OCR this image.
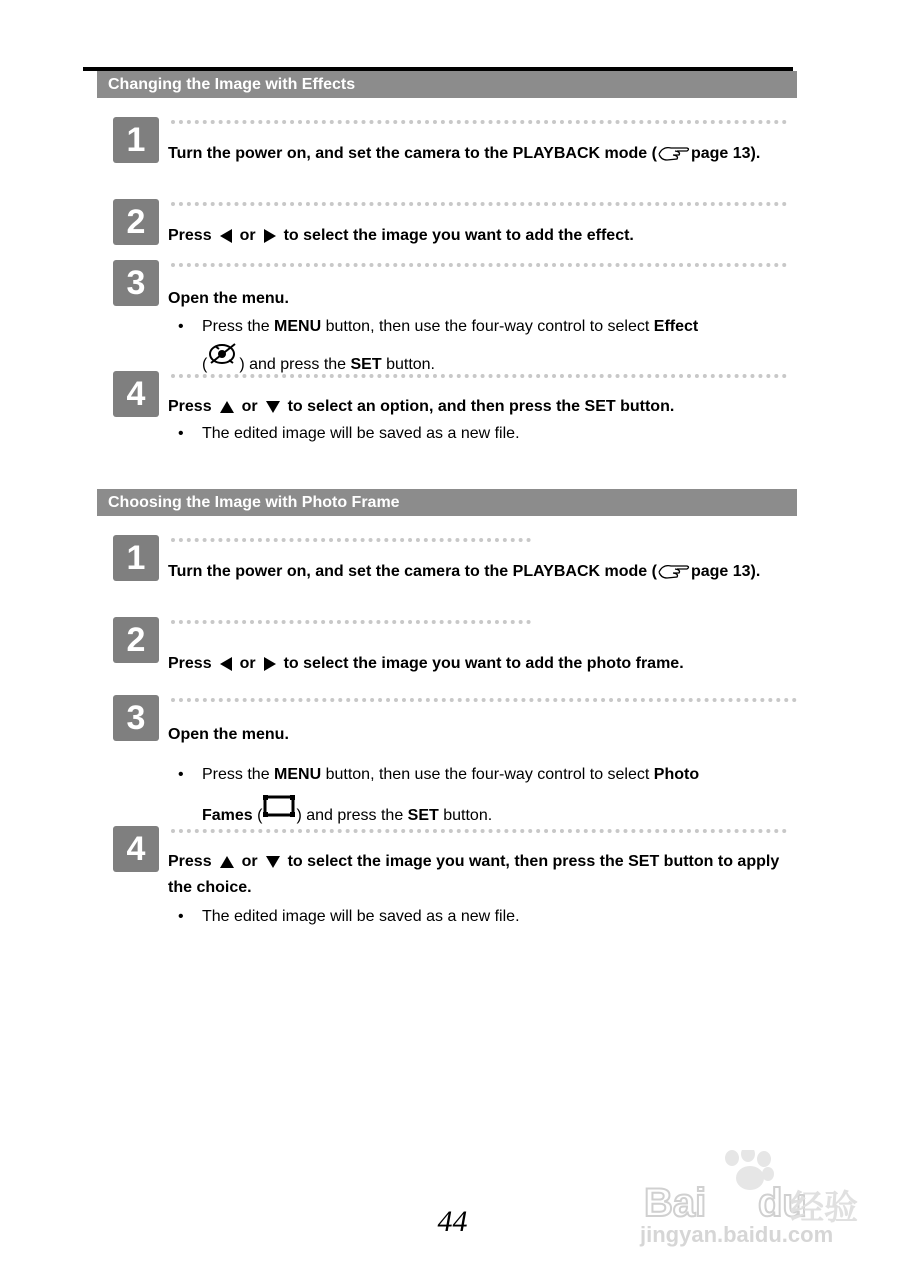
Changing the Image with Effects
1	Turn the power on, and set the camera to the PLAYBACK mode ( page 13).
2	Press or to select the image you want to add the effect.
3	Open the menu.
• Press the MENU button, then use the four-way control to select Effect
( ) and press the SET button.
4	Press or to select an option, and then press the SET button.
• The edited image will be saved as a new file.
Choosing the Image with Photo Frame
1	Turn the power on, and set the camera to the PLAYBACK mode ( page 13).
2
Press or to select the image you want to add the photo frame.
3	Open the menu.
• Press the MENU button, then use the four-way control to select Photo
Fames ( ) and press the SET button.
4	Press or to select the image you want, then press the SET button to apply the choice.
• The edited image will be saved as a new file.
44	Bai du
经验
jingyan.baidu.com
